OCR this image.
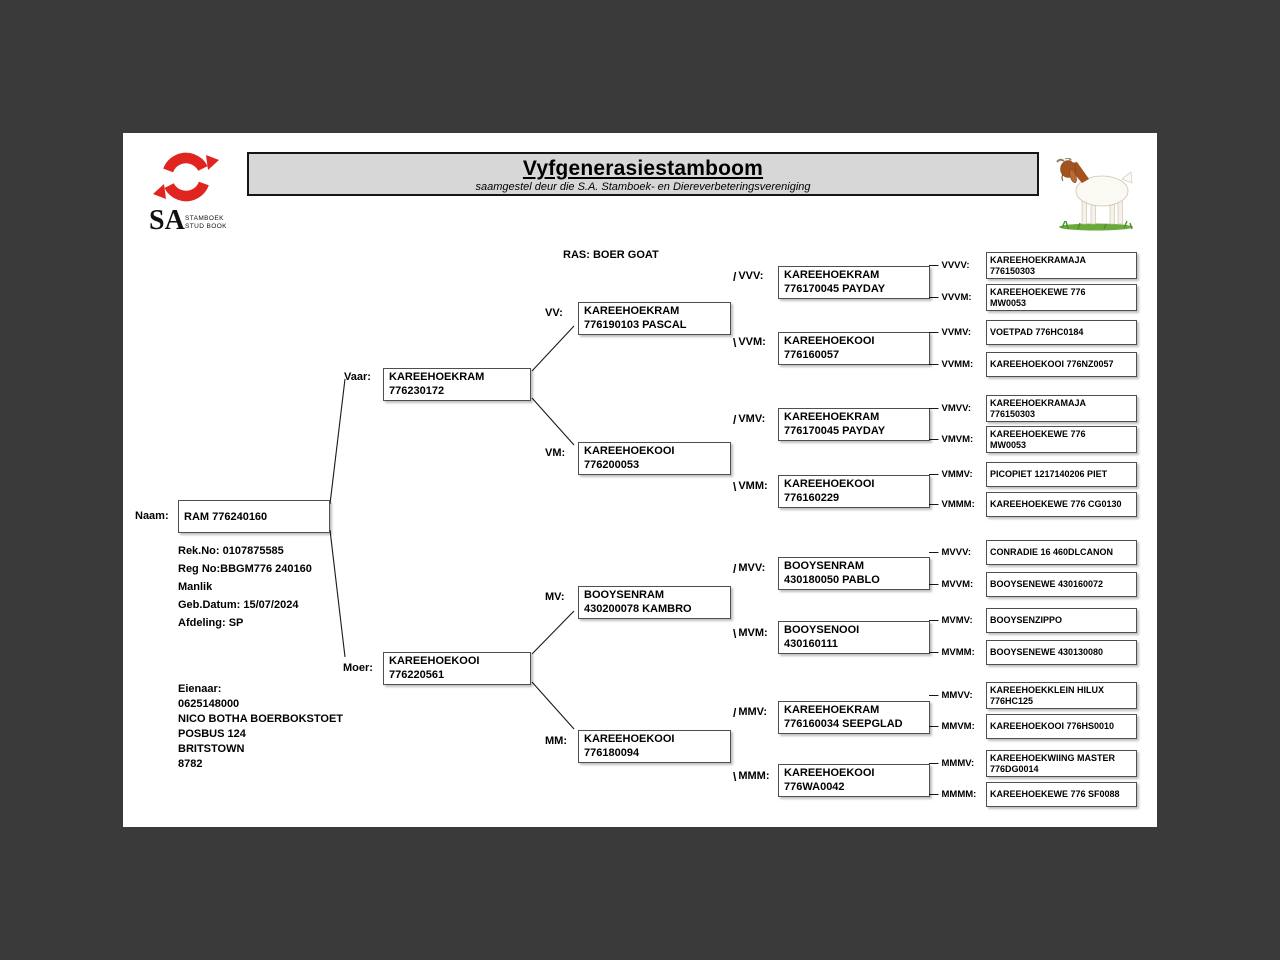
SA STAMBOEK
STUD BOOK
Vyfgenerasiestamboom
saamgestel deur die S.A. Stamboek- en Diereverbeteringsvereniging
RAS: BOER GOAT
Naam: RAM 776240160
Rek.No: 0107875585
Reg No:BBGM776 240160
Manlik
Geb.Datum: 15/07/2024
Afdeling: SP
Eienaar:
0625148000
NICO BOTHA BOERBOKSTOET
POSBUS 124
BRITSTOWN
8782
Vaar: KAREEHOEKRAM
776230172
Moer:
KAREEHOEKOOI
776220561
VV: KAREEHOEKRAM
776190103 PASCAL
VM: KAREEHOEKOOI
776200053
MV: BOOYSENRAM
430200078 KAMBRO
MM: KAREEHOEKOOI
776180094
/ VVV: KAREEHOEKRAM
776170045 PAYDAY
\ VVM: KAREEHOEKOOI
776160057
/ VMV: KAREEHOEKRAM
776170045 PAYDAY
\ VMM: KAREEHOEKOOI
776160229
/ MVV: BOOYSENRAM
430180050 PABLO
\ MVM: BOOYSENOOI
430160111
/ MMV: KAREEHOEKRAM
776160034 SEEPGLAD
\ MMM: KAREEHOEKOOI
776WA0042
— VVVV: KAREEHOEKRAMAJA
776150303
— VVVM: KAREEHOEKEWE 776
MW0053
— VVMV: VOETPAD 776HC0184
— VVMM: KAREEHOEKOOI 776NZ0057
— VMVV: KAREEHOEKRAMAJA
776150303
— VMVM: KAREEHOEKEWE 776
MW0053
— VMMV: PICOPIET 1217140206 PIET
— VMMM: KAREEHOEKEWE 776 CG0130
— MVVV: CONRADIE 16 460DLCANON
— MVVM: BOOYSENEWE 430160072
— MVMV: BOOYSENZIPPO
— MVMM: BOOYSENEWE 430130080
— MMVV: KAREEHOEKKLEIN HILUX
776HC125
— MMVM: KAREEHOEKOOI 776HS0010
— MMMV: KAREEHOEKWIING MASTER
776DG0014
— MMMM: KAREEHOEKEWE 776 SF0088
